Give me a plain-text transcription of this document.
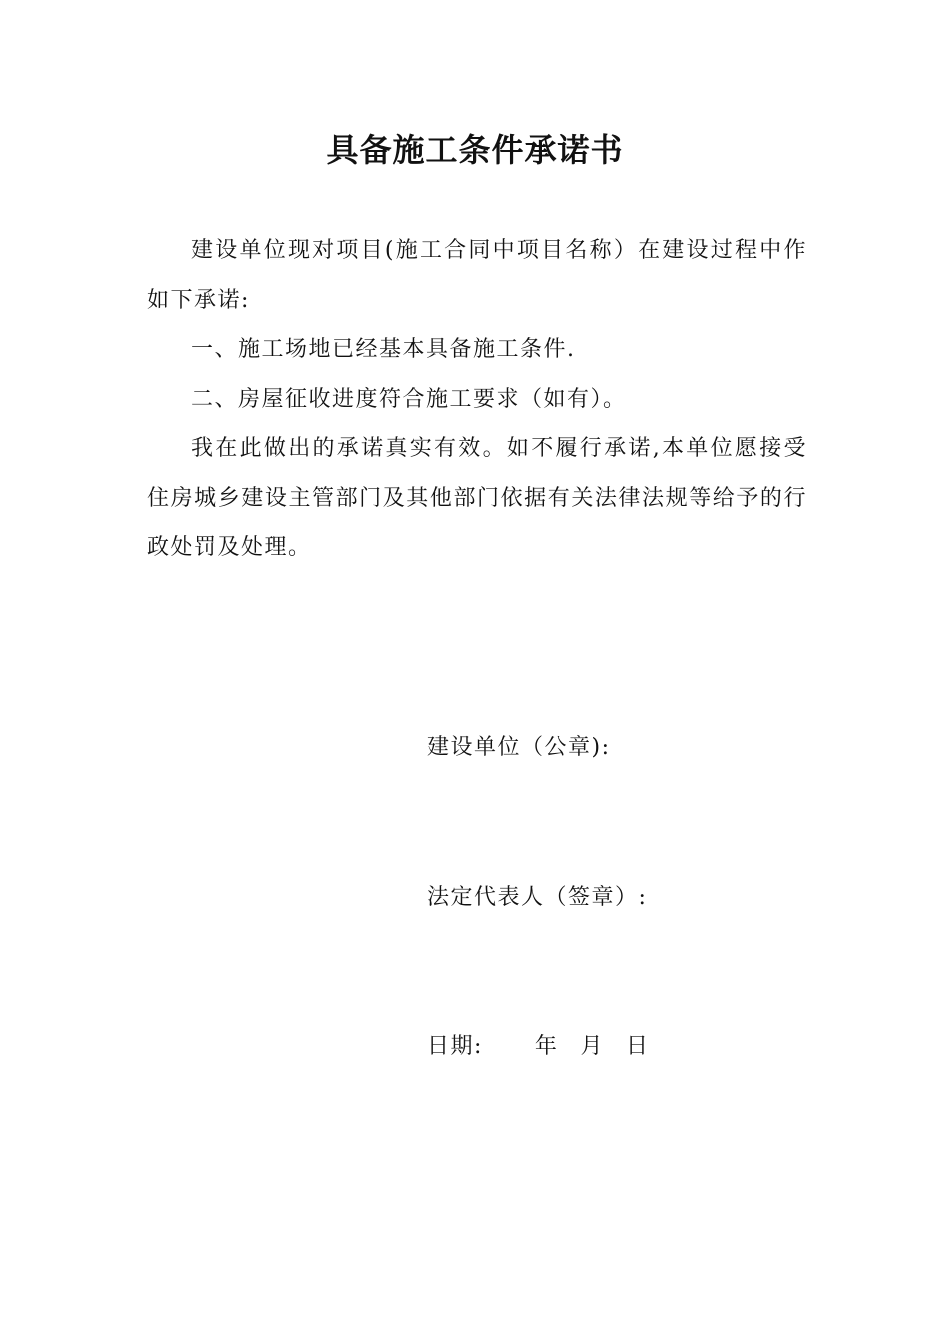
具备施工条件承诺书

建设单位现对项目(施工合同中项目名称）在建设过程中作如下承诺:

一、施工场地已经基本具备施工条件.

二、房屋征收进度符合施工要求（如有）。

我在此做出的承诺真实有效。如不履行承诺,本单位愿接受住房城乡建设主管部门及其他部门依据有关法律法规等给予的行政处罚及处理。

建设单位（公章):
法定代表人（签章）:
日期: 年 月 日
